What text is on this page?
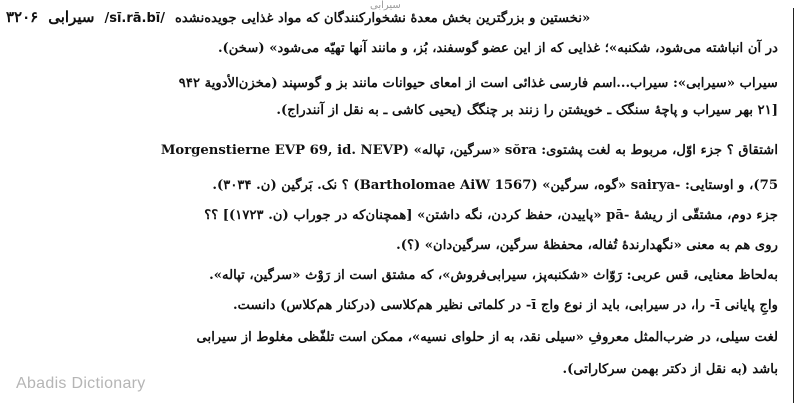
سیرابی
۳۲۰۶ سیرابی /sī.rā.bī/ «نخستین و بزرگترین بخش معدهٔ نشخوارکنندگان که مواد غذایی جویده‌نشده
در آن انباشته می‌شود، شکنبه»؛ غذایی که از این عضو گوسفند، بُز، و مانند آنها تهیّه می‌شود» (سخن).
سیراب «سیرابی»: سیراب...اسم فارسی غذائی است از امعای حیوانات مانند بز و گوسپند (مخزن‌الأدویة ۹۴۲
[۲۱ بهر سیراب و پاچهٔ سنگک ـ خویشتن را زنند بر چنگگ (یحیی کاشی ـ به نقل از آنندراج).
اشتقاق ؟ جزء اوّل، مربوط به لغت پشتوی: sŏra «سرگین، تپاله» (Morgenstierne EVP 69, id. NEVP
75)، و اوستایی: -sairya «گوه، سرگین» (Bartholomae AiW 1567) ؟ نک. بَرگین (ن. ۳۰۳۴).
جزء دوم، مشتقّی از ریشهٔ -pā «پاییدن، حفظ کردن، نگه داشتن» [همچنان‌که در جوراب (ن. ۱۷۲۳)] ؟؟
روی هم به معنی «نگهدارندهٔ تُفاله، محفظهٔ سرگین، سرگین‌دان» (؟).
به‌لحاظ معنایی، قس عربی: رَوّاث «شکنبه‌پز، سیرابی‌فروش»، که مشتق است از رَوْث «سرگین، تپاله».
واجِ پایانی ī- را، در سیرابی، باید از نوع واج ī- در کلماتی نظیر هم‌کلاسی (درکنار هم‌کلاس) دانست.
لغت سیلی، در ضرب‌المثل معروفِ «سیلی نقد، به از حلوای نسیه»، ممکن است تلفّظی مغلوط از سیرابی
باشد (به نقل از دکتر بهمن سرکاراتی).
Abadis Dictionary
